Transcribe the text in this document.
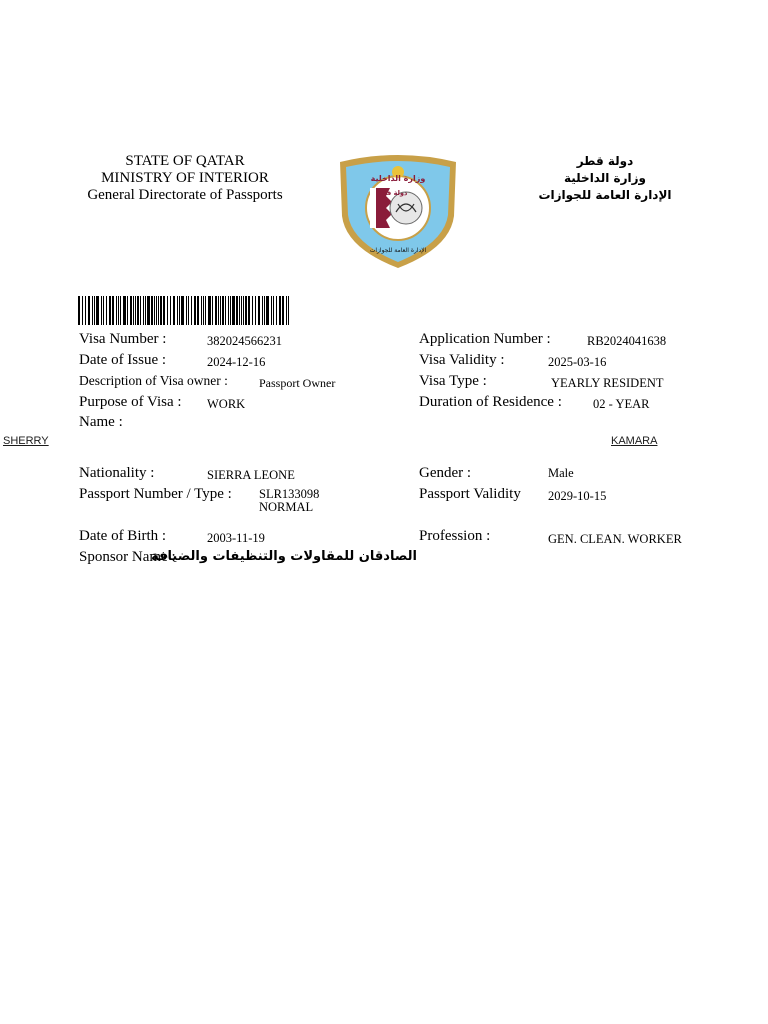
STATE OF QATAR
MINISTRY OF INTERIOR
General Directorate of Passports
دولة قطر
وزارة الداخلية
الإدارة العامة للجوازات
وزارة الداخلية
دولة قطر
الإدارة العامة للجوازات
Visa Number :	382024566231
Date of Issue :	2024-12-16
Description of Visa owner :	Passport Owner
Purpose of Visa : WORK
Name :
SHERRY	KAMARA
Nationality :	SIERRA LEONE
Passport Number / Type : SLR133098
NORMAL
Date of Birth :	2003-11-19
Sponsor Name :
الصادقان للمقاولات والتنظيفات والضيافة
Application Number :	RB2024041638
Visa Validity :	2025-03-16
Visa Type :	YEARLY RESIDENT
Duration of Residence : 02 - YEAR
Gender :	Male
Passport Validity 2029-10-15
Profession :	GEN. CLEAN. WORKER
